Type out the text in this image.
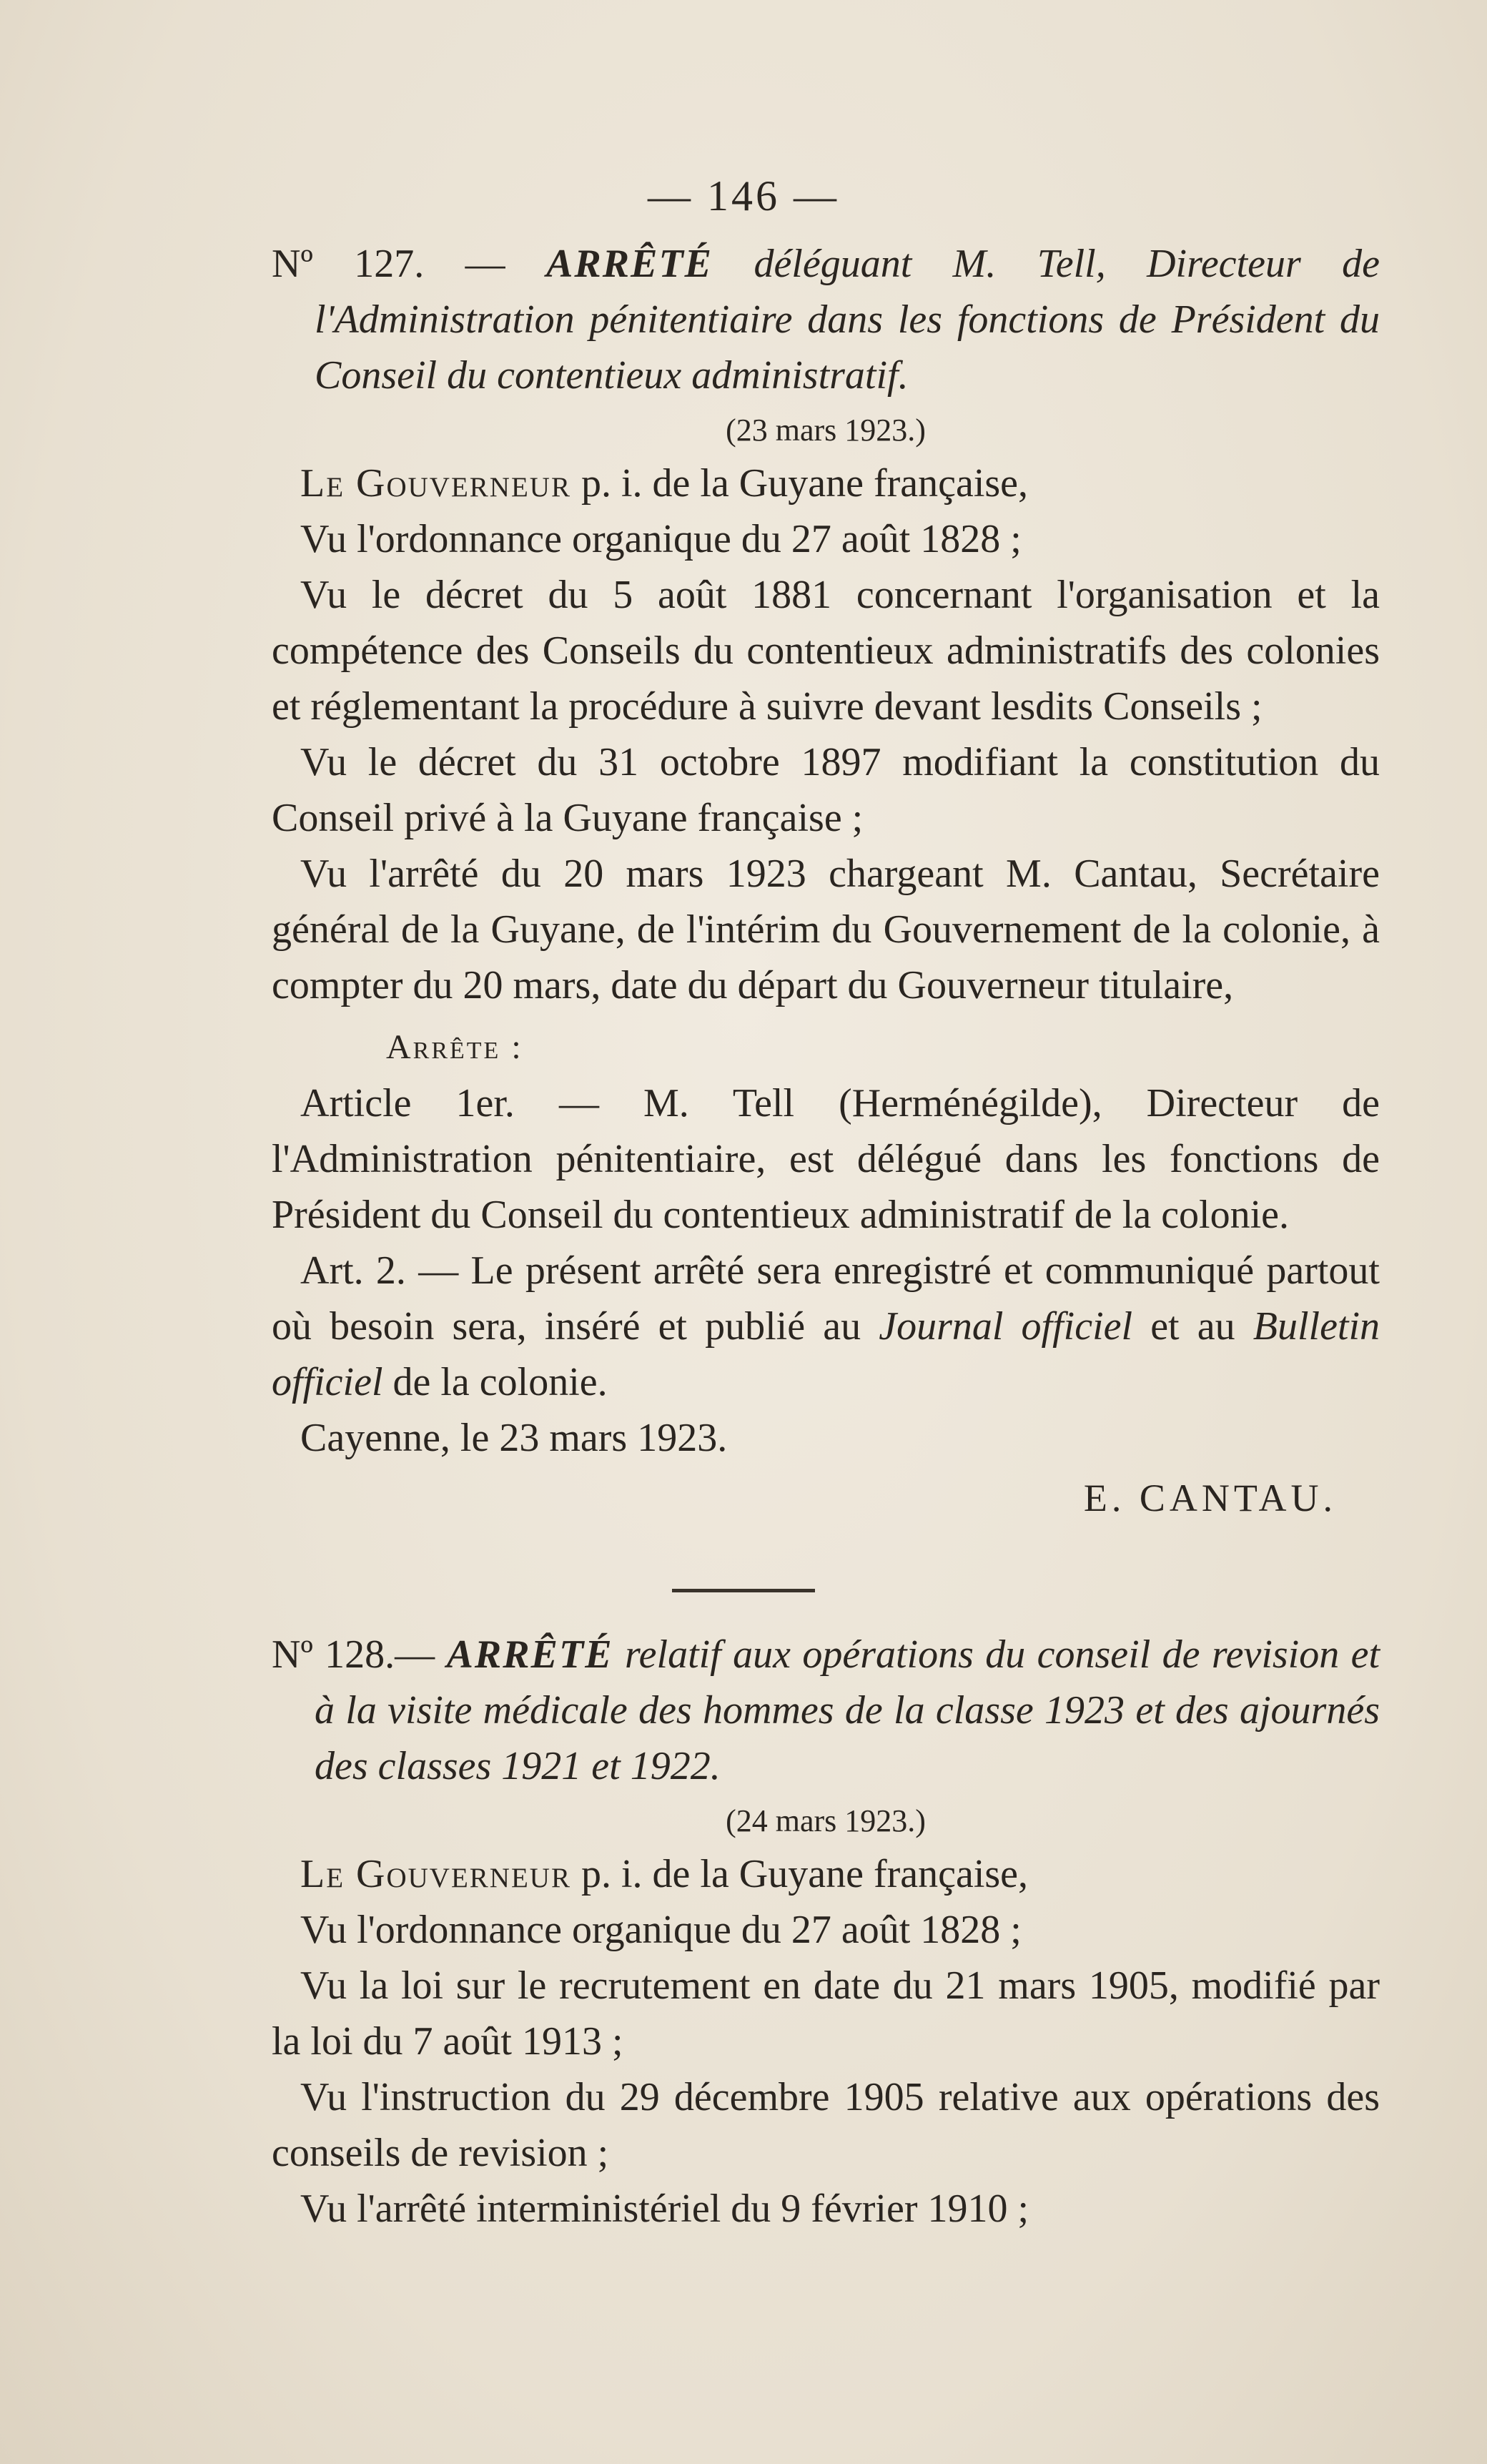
— 146 —
Nº 127. — ARRÊTÉ déléguant M. Tell, Directeur de l'Administration pénitentiaire dans les fonctions de Président du Conseil du contentieux administratif.
(23 mars 1923.)
Le Gouverneur p. i. de la Guyane française,
Vu l'ordonnance organique du 27 août 1828 ;
Vu le décret du 5 août 1881 concernant l'organisation et la compétence des Conseils du contentieux administratifs des colonies et réglementant la procédure à suivre devant lesdits Conseils ;
Vu le décret du 31 octobre 1897 modifiant la constitution du Conseil privé à la Guyane française ;
Vu l'arrêté du 20 mars 1923 chargeant M. Cantau, Secrétaire général de la Guyane, de l'intérim du Gouvernement de la colonie, à compter du 20 mars, date du départ du Gouverneur titulaire,
Arrête :
Article 1er. — M. Tell (Herménégilde), Directeur de l'Administration pénitentiaire, est délégué dans les fonctions de Président du Conseil du contentieux administratif de la colonie.
Art. 2. — Le présent arrêté sera enregistré et communiqué partout où besoin sera, inséré et publié au Journal officiel et au Bulletin officiel de la colonie.
Cayenne, le 23 mars 1923.
E. CANTAU.
Nº 128.— ARRÊTÉ relatif aux opérations du conseil de revision et à la visite médicale des hommes de la classe 1923 et des ajournés des classes 1921 et 1922.
(24 mars 1923.)
Le Gouverneur p. i. de la Guyane française,
Vu l'ordonnance organique du 27 août 1828 ;
Vu la loi sur le recrutement en date du 21 mars 1905, modifié par la loi du 7 août 1913 ;
Vu l'instruction du 29 décembre 1905 relative aux opérations des conseils de revision ;
Vu l'arrêté interministériel du 9 février 1910 ;
